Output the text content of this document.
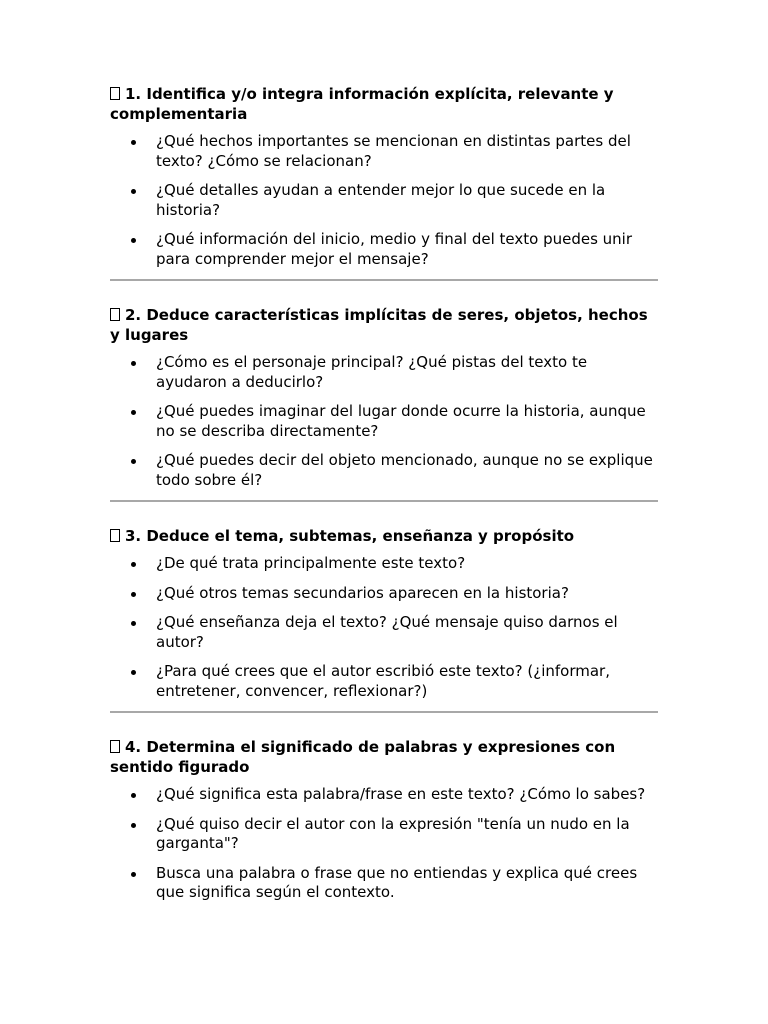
1. Identifica y/o integra información explícita, relevante y complementaria
¿Qué hechos importantes se mencionan en distintas partes del texto? ¿Cómo se relacionan?
¿Qué detalles ayudan a entender mejor lo que sucede en la historia?
¿Qué información del inicio, medio y final del texto puedes unir para comprender mejor el mensaje?
2. Deduce características implícitas de seres, objetos, hechos y lugares
¿Cómo es el personaje principal? ¿Qué pistas del texto te ayudaron a deducirlo?
¿Qué puedes imaginar del lugar donde ocurre la historia, aunque no se describa directamente?
¿Qué puedes decir del objeto mencionado, aunque no se explique todo sobre él?
3. Deduce el tema, subtemas, enseñanza y propósito
¿De qué trata principalmente este texto?
¿Qué otros temas secundarios aparecen en la historia?
¿Qué enseñanza deja el texto? ¿Qué mensaje quiso darnos el autor?
¿Para qué crees que el autor escribió este texto? (¿informar, entretener, convencer, reflexionar?)
4. Determina el significado de palabras y expresiones con sentido figurado
¿Qué significa esta palabra/frase en este texto? ¿Cómo lo sabes?
¿Qué quiso decir el autor con la expresión "tenía un nudo en la garganta"?
Busca una palabra o frase que no entiendas y explica qué crees que significa según el contexto.
